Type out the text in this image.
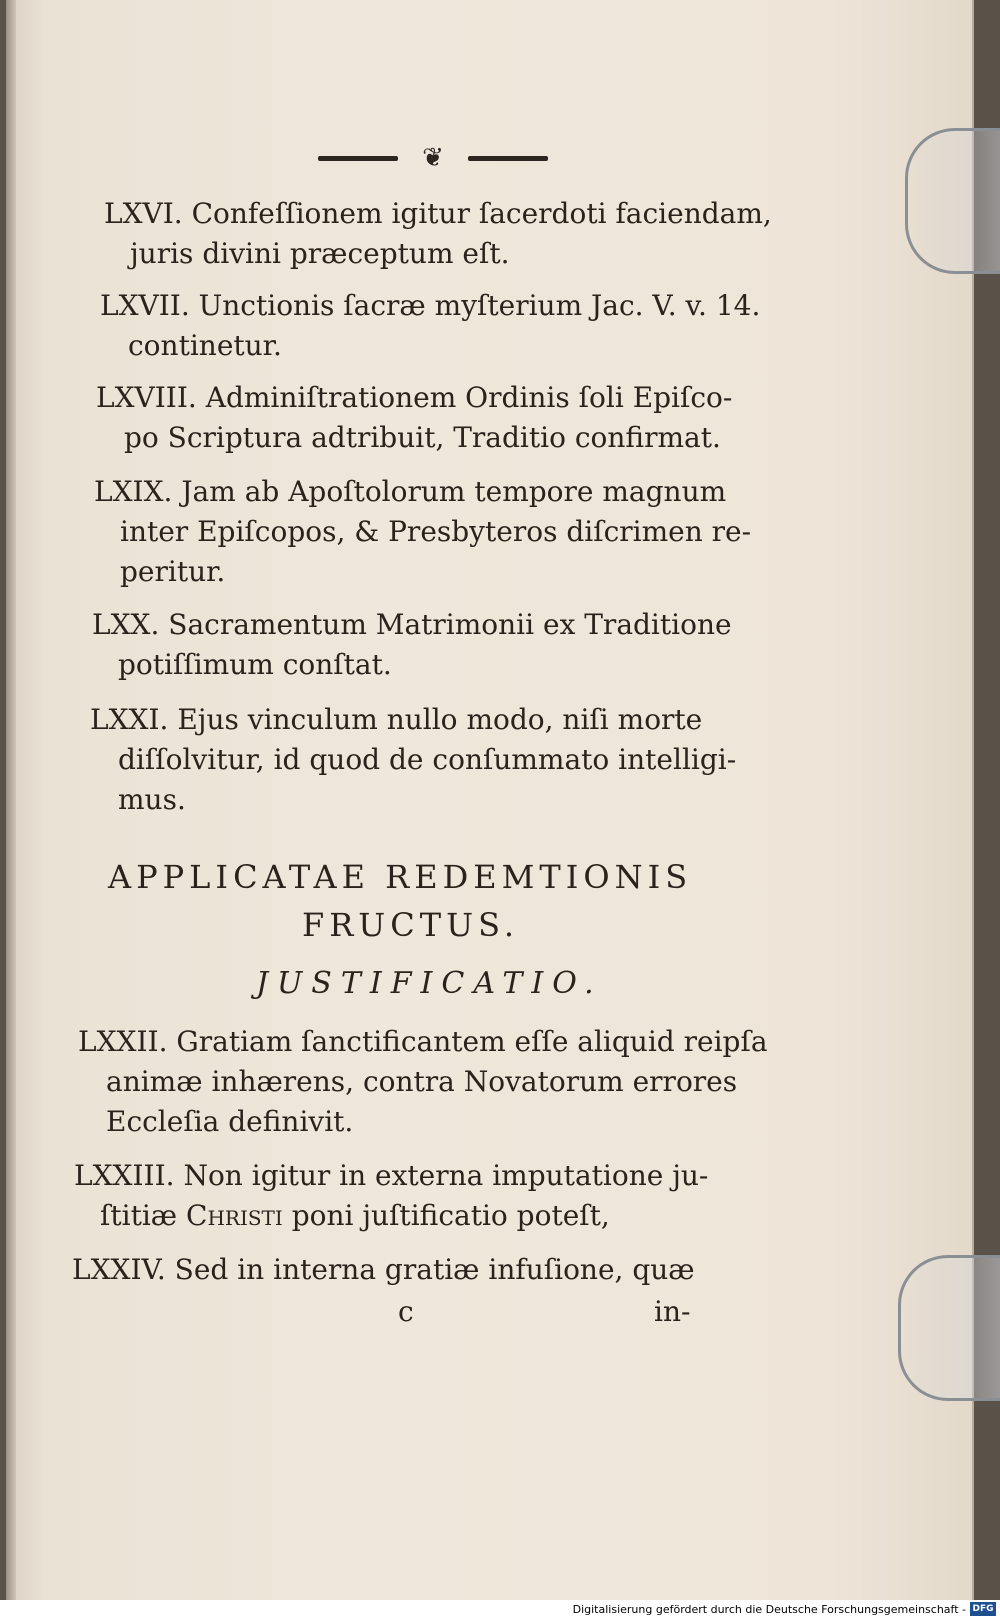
❦
LXVI. Confeſſionem igitur ſacerdoti faciendam,
juris divini præceptum eſt.
LXVII. Unctionis ſacræ myſterium Jac. V. v. 14.
continetur.
LXVIII. Adminiſtrationem Ordinis ſoli Epiſco-
po Scriptura adtribuit, Traditio confirmat.
LXIX. Jam ab Apoſtolorum tempore magnum
inter Epiſcopos, & Presbyteros diſcrimen re-
peritur.
LXX. Sacramentum Matrimonii ex Traditione
potiſſimum conſtat.
LXXI. Ejus vinculum nullo modo, niſi morte
diſſolvitur, id quod de conſummato intelligi-
mus.
APPLICATAE REDEMTIONIS
FRUCTUS.
JUSTIFICATIO.
LXXII. Gratiam ſanctificantem eſſe aliquid reipſa
animæ inhærens, contra Novatorum errores
Eccleſia definivit.
LXXIII. Non igitur in externa imputatione ju-
ſtitiæ Christi poni juſtificatio poteſt,
LXXIV. Sed in interna gratiæ infuſione, quæ
c	in-
Digitalisierung gefördert durch die Deutsche Forschungsgemeinschaft - DFG
